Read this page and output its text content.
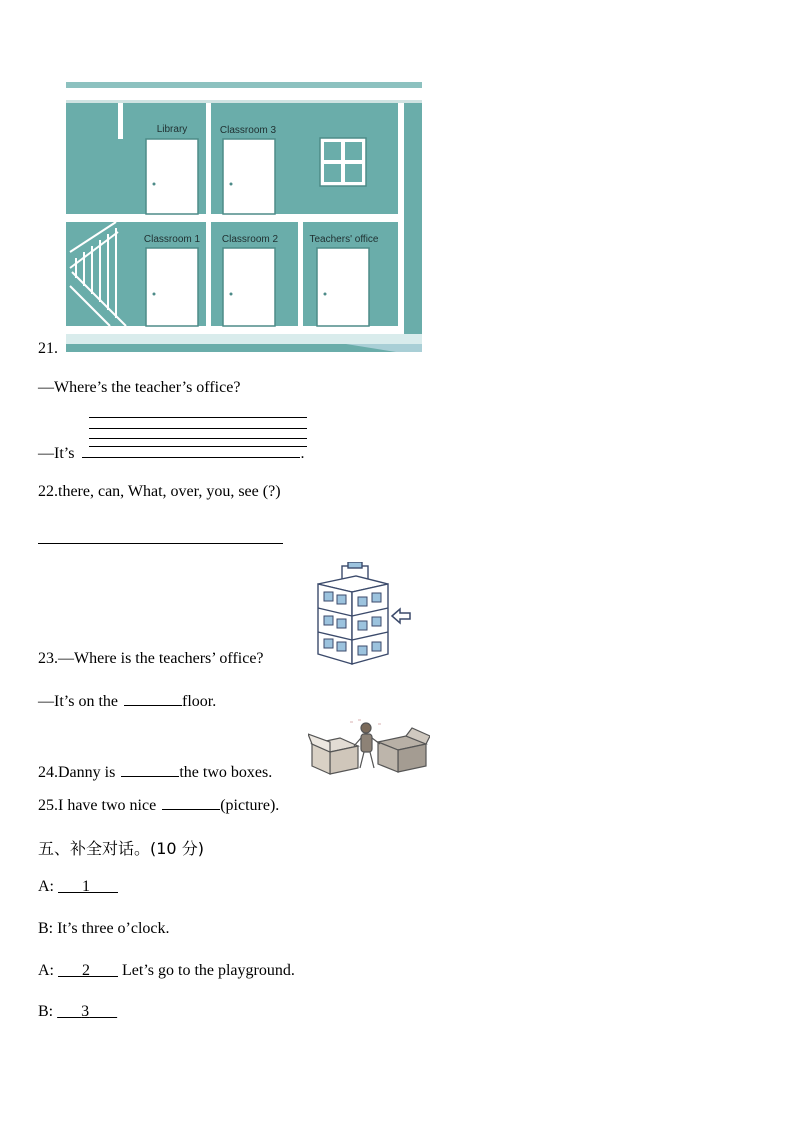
Library	Classroom 3
Classroom 1 Classroom 2	Teachers' office
21.
—Where’s the teacher’s office?
—It’s	.
22.there, can, What, over, you, see (?)
23.—Where is the teachers’ office?
—It’s on the	floor.
24.Danny is	the two boxes.
25.I have two nice	(picture).
五、补全对话。(10 分)
A: 1
B: It’s three o’clock.
A: 2 Let’s go to the playground.
B: 3
